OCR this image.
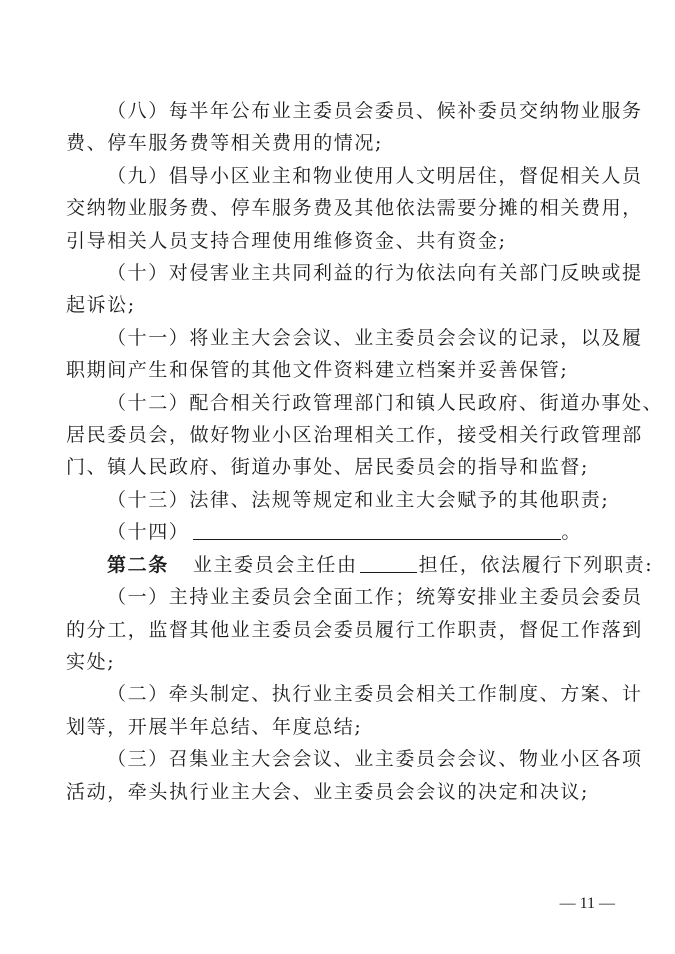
（八）每半年公布业主委员会委员、候补委员交纳物业服务
费、停车服务费等相关费用的情况;

（九）倡导小区业主和物业使用人文明居住，督促相关人员
交纳物业服务费、停车服务费及其他依法需要分摊的相关费用，
引导相关人员支持合理使用维修资金、共有资金;

（十）对侵害业主共同利益的行为依法向有关部门反映或提
起诉讼;

（十一）将业主大会会议、业主委员会会议的记录，以及履
职期间产生和保管的其他文件资料建立档案并妥善保管;

（十二）配合相关行政管理部门和镇人民政府、街道办事处、
居民委员会，做好物业小区治理相关工作，接受相关行政管理部
门、镇人民政府、街道办事处、居民委员会的指导和监督;

（十三）法律、法规等规定和业主大会赋予的其他职责;

（十四）	。

第二条 业主委员会主任由	担任，依法履行下列职责:

（一）主持业主委员会全面工作；统筹安排业主委员会委员
的分工，监督其他业主委员会委员履行工作职责，督促工作落到
实处;

（二）牵头制定、执行业主委员会相关工作制度、方案、计
划等，开展半年总结、年度总结;

（三）召集业主大会会议、业主委员会会议、物业小区各项
活动，牵头执行业主大会、业主委员会会议的决定和决议;

— 11 —
